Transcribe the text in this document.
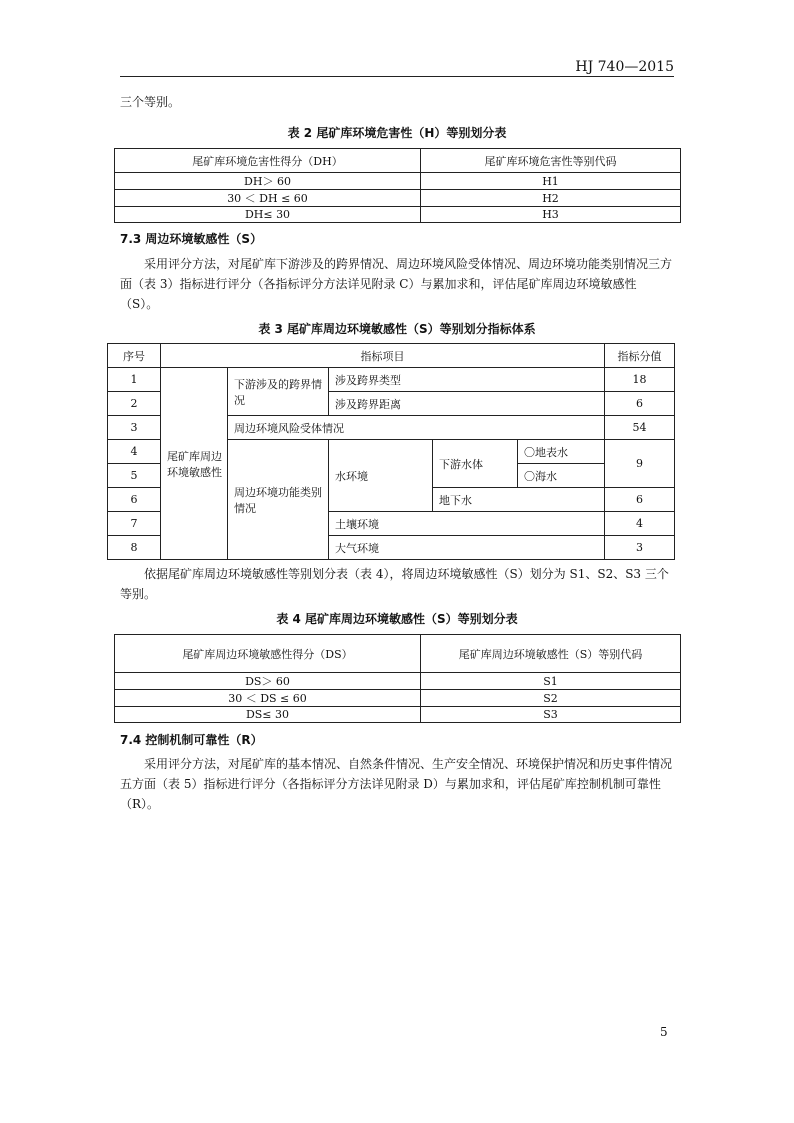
HJ 740—2015
三个等别。
表 2 尾矿库环境危害性（H）等别划分表
尾矿库环境危害性得分（DH）	尾矿库环境危害性等别代码
DH＞ 60	H1
30 ＜ DH ≤ 60	H2
DH≤ 30	H3
7.3 周边环境敏感性（S）
采用评分方法，对尾矿库下游涉及的跨界情况、周边环境风险受体情况、周边环境功能类别情况三方面（表 3）指标进行评分（各指标评分方法详见附录 C）与累加求和，评估尾矿库周边环境敏感性（S）。
表 3 尾矿库周边环境敏感性（S）等别划分指标体系
序号	指标项目					指标分值
1	尾矿库周边环境敏感性	下游涉及的跨界情况	涉及跨界类型			18
2			涉及跨界距离			6
3		周边环境风险受体情况				54
4		周边环境功能类别情况	水环境	下游水体	〇地表水	9
5					〇海水	
6				地下水		6
7			土壤环境			4
8			大气环境			3
依据尾矿库周边环境敏感性等别划分表（表 4），将周边环境敏感性（S）划分为 S1、S2、S3 三个等别。
表 4 尾矿库周边环境敏感性（S）等别划分表
尾矿库周边环境敏感性得分（DS）	尾矿库周边环境敏感性（S）等别代码
DS＞ 60	S1
30 ＜ DS ≤ 60	S2
DS≤ 30	S3
7.4 控制机制可靠性（R）
采用评分方法，对尾矿库的基本情况、自然条件情况、生产安全情况、环境保护情况和历史事件情况五方面（表 5）指标进行评分（各指标评分方法详见附录 D）与累加求和，评估尾矿库控制机制可靠性（R）。
5
